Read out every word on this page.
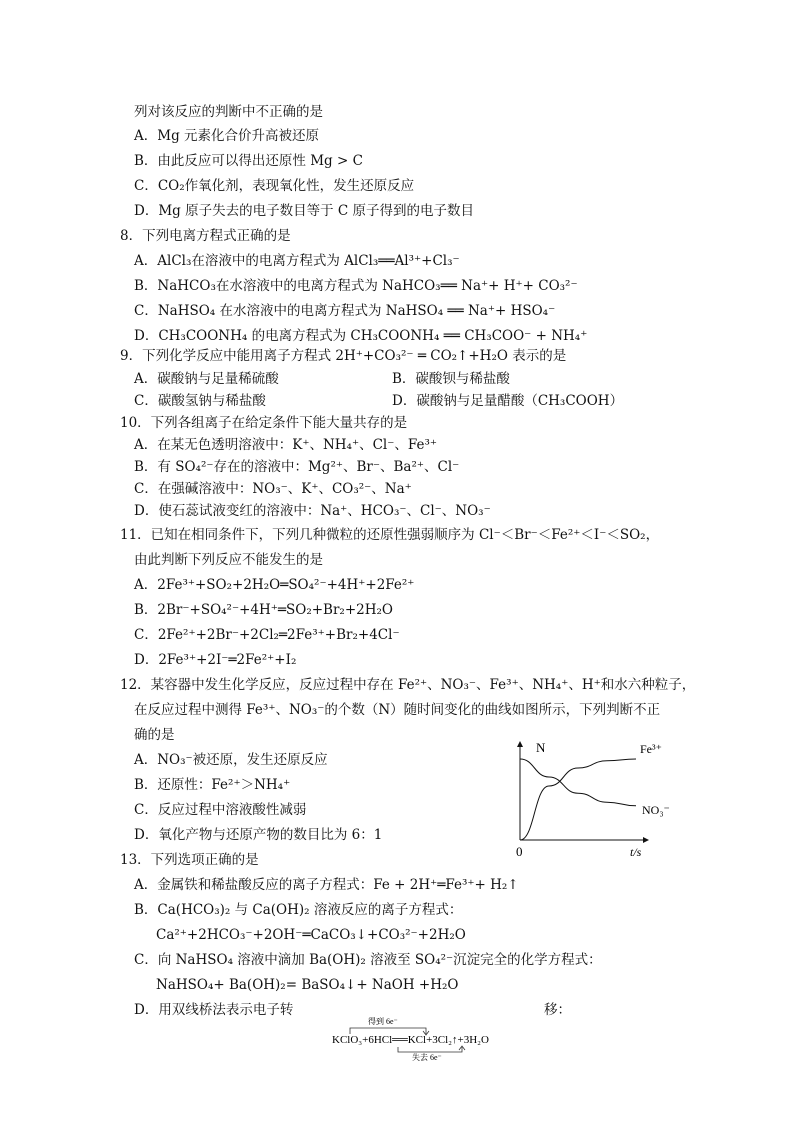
列对该反应的判断中不正确的是
A．Mg 元素化合价升高被还原
B．由此反应可以得出还原性 Mg > C
C．CO₂作氧化剂，表现氧化性，发生还原反应
D．Mg 原子失去的电子数目等于 C 原子得到的电子数目
8．下列电离方程式正确的是
A．AlCl₃在溶液中的电离方程式为 AlCl₃══Al³⁺+Cl₃⁻
B．NaHCO₃在水溶液中的电离方程式为 NaHCO₃══ Na⁺+ H⁺+ CO₃²⁻
C．NaHSO₄ 在水溶液中的电离方程式为 NaHSO₄ ══ Na⁺+ HSO₄⁻
D．CH₃COONH₄ 的电离方程式为 CH₃COONH₄ ══ CH₃COO⁻ + NH₄⁺
9．下列化学反应中能用离子方程式 2H⁺+CO₃²⁻ ═ CO₂↑+H₂O 表示的是
A．碳酸钠与足量稀硫酸	B．碳酸钡与稀盐酸
C．碳酸氢钠与稀盐酸	D．碳酸钠与足量醋酸（CH₃COOH）
10．下列各组离子在给定条件下能大量共存的是
A．在某无色透明溶液中：K⁺、NH₄⁺、Cl⁻、Fe³⁺
B．有 SO₄²⁻存在的溶液中：Mg²⁺、Br⁻、Ba²⁺、Cl⁻
C．在强碱溶液中：NO₃⁻、K⁺、CO₃²⁻、Na⁺
D．使石蕊试液变红的溶液中：Na⁺、HCO₃⁻、Cl⁻、NO₃⁻
11．已知在相同条件下，下列几种微粒的还原性强弱顺序为 Cl⁻＜Br⁻＜Fe²⁺＜I⁻＜SO₂，
由此判断下列反应不能发生的是
A．2Fe³⁺+SO₂+2H₂O═SO₄²⁻+4H⁺+2Fe²⁺
B．2Br⁻+SO₄²⁻+4H⁺═SO₂+Br₂+2H₂O
C．2Fe²⁺+2Br⁻+2Cl₂═2Fe³⁺+Br₂+4Cl⁻
D．2Fe³⁺+2I⁻═2Fe²⁺+I₂
12．某容器中发生化学反应，反应过程中存在 Fe²⁺、NO₃⁻、Fe³⁺、NH₄⁺、H⁺和水六种粒子，
在反应过程中测得 Fe³⁺、NO₃⁻的个数（N）随时间变化的曲线如图所示，下列判断不正
确的是
A．NO₃⁻被还原，发生还原反应
B．还原性：Fe²⁺＞NH₄⁺
C．反应过程中溶液酸性减弱
D．氧化产物与还原产物的数目比为 6：1
N
0	t/s
Fe³⁺
NO₃⁻
13．下列选项正确的是
A．金属铁和稀盐酸反应的离子方程式：Fe + 2H⁺═Fe³⁺+ H₂↑
B．Ca(HCO₃)₂ 与 Ca(OH)₂ 溶液反应的离子方程式：
Ca²⁺+2HCO₃⁻+2OH⁻═CaCO₃↓+CO₃²⁻+2H₂O
C．向 NaHSO₄ 溶液中滴加 Ba(OH)₂ 溶液至 SO₄²⁻沉淀完全的化学方程式：
NaHSO₄+ Ba(OH)₂= BaSO₄↓+ NaOH +H₂O
D．用双线桥法表示电子转	移：
得到 6e⁻
KClO₃+6HCl══KCl+3Cl₂↑+3H₂O
失去 6e⁻
